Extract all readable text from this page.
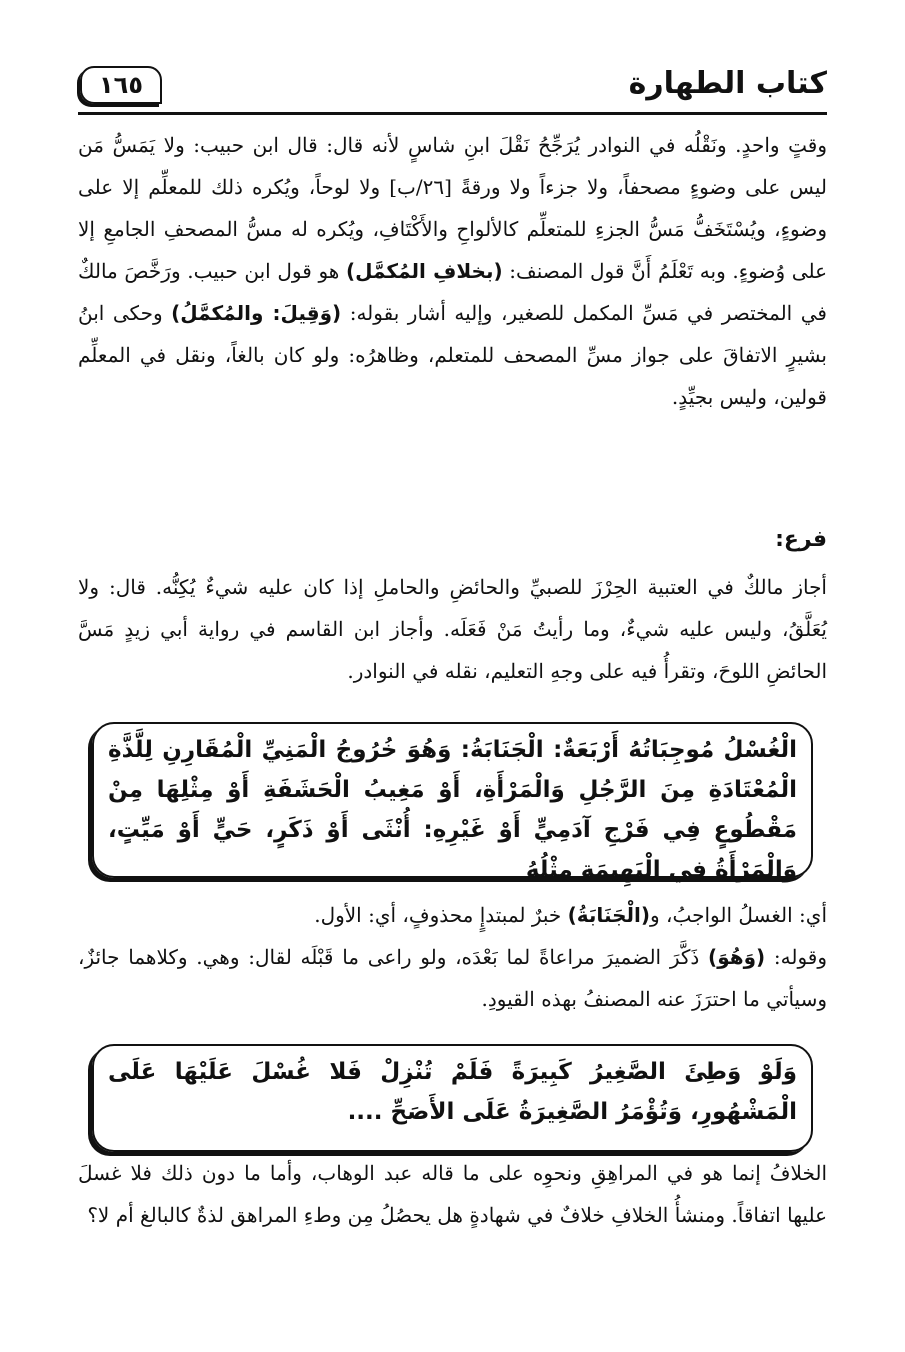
كتاب الطهارة
١٦٥

وقتٍ واحدٍ. ونَقْلُه في النوادر يُرَجِّحُ نَقْلَ ابنِ شاسٍ لأنه قال: قال ابن حبيب: ولا يَمَسُّ مَن ليس على وضوءٍ مصحفاً، ولا جزءاً ولا ورقةً [٢٦/ب] ولا لوحاً، ويُكره ذلك للمعلِّم إلا على وضوءٍ، ويُسْتَخَفُّ مَسُّ الجزءِ للمتعلِّم كالألواحِ والأَكْتَافِ، ويُكره له مسُّ المصحفِ الجامعِ إلا على وُضوءٍ. وبه تَعْلَمُ أَنَّ قول المصنف: (بخلافِ المُكمَّل) هو قول ابن حبيب. ورَخَّصَ مالكٌ في المختصر في مَسِّ المكمل للصغير، وإليه أشار بقوله: (وَقِيلَ: والمُكمَّلُ) وحكى ابنُ بشيرٍ الاتفاقَ على جواز مسِّ المصحف للمتعلم، وظاهرُه: ولو كان بالغاً، ونقل في المعلِّم قولين، وليس بجيِّدٍ.

فرع:

أجاز مالكٌ في العتبية الحِرْزَ للصبيِّ والحائضِ والحاملِ إذا كان عليه شيءٌ يُكِنُّه. قال: ولا يُعَلَّقُ، وليس عليه شيءٌ، وما رأيتُ مَنْ فَعَلَه. وأجاز ابن القاسم في رواية أبي زيدٍ مَسَّ الحائضِ اللوحَ، وتقرأُ فيه على وجهِ التعليم، نقله في النوادر.

الْغُسْلُ مُوجِبَاتُهُ أَرْبَعَةٌ: الْجَنَابَةُ: وَهُوَ خُرُوجُ الْمَنِيِّ الْمُقَارِنِ لِلَّذَّةِ الْمُعْتَادَةِ مِنَ الرَّجُلِ وَالْمَرْأَةِ، أَوْ مَغِيبُ الْحَشَفَةِ أَوْ مِثْلِهَا مِنْ مَقْطُوعٍ فِي فَرْجِ آدَمِيٍّ أَوْ غَيْرِهِ: أُنْثَى أَوْ ذَكَرٍ، حَيٍّ أَوْ مَيِّتٍ، وَالْمَرْأَةُ فِي الْبَهِيمَةِ مِثْلُهُ

أي: الغسلُ الواجبُ، و(الْجَنَابَةُ) خبرٌ لمبتدإٍ محذوفٍ، أي: الأول.

وقوله: (وَهُوَ) ذَكَّرَ الضميرَ مراعاةً لما بَعْدَه، ولو راعى ما قَبْلَه لقال: وهي. وكلاهما جائزٌ، وسيأتي ما احترَزَ عنه المصنفُ بهذه القيودِ.

وَلَوْ وَطِئَ الصَّغِيرُ كَبِيرَةً فَلَمْ تُنْزِلْ فَلا غُسْلَ عَلَيْهَا عَلَى الْمَشْهُورِ، وَتُؤْمَرُ الصَّغِيرَةُ عَلَى الأَصَحِّ ....

الخلافُ إنما هو في المراهِقِ ونحوِه على ما قاله عبد الوهاب، وأما ما دون ذلك فلا غسلَ عليها اتفاقاً. ومنشأُ الخلافِ خلافٌ في شهادةٍ هل يحصُلُ مِن وطءِ المراهق لذةٌ كالبالغ أم لا؟
